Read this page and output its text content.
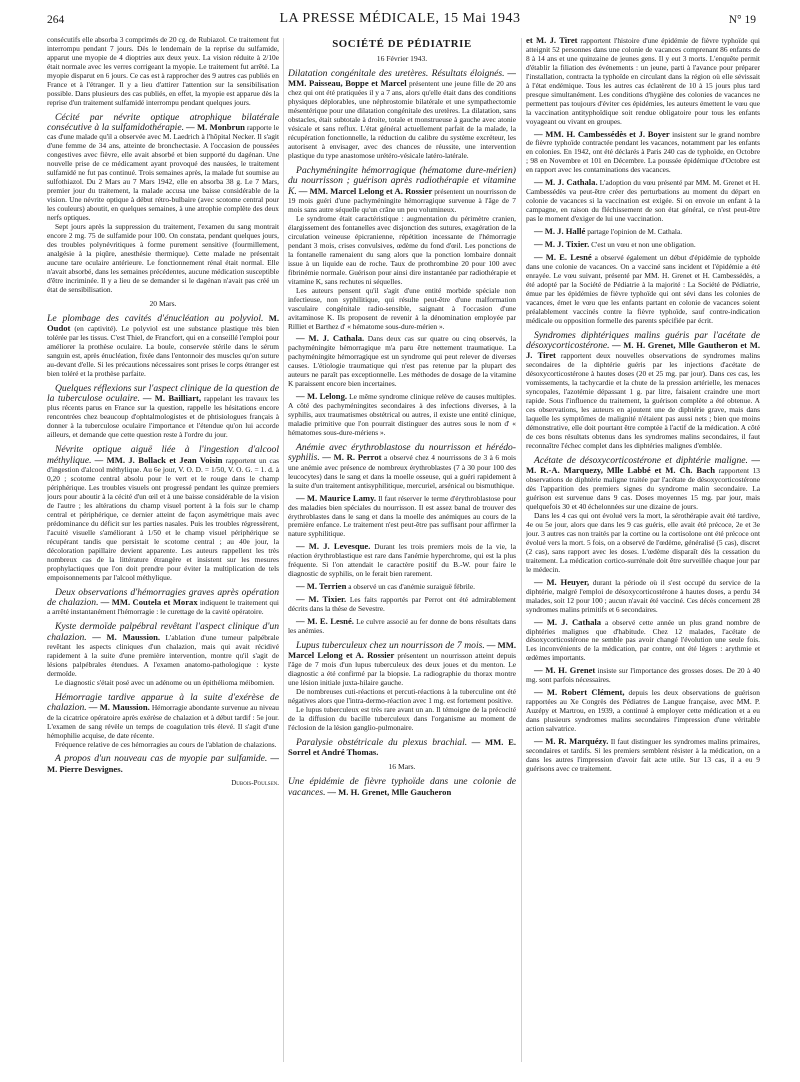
264	LA PRESSE MÉDICALE, 15 Mai 1943	N° 19

consécutifs elle absorba 3 comprimés de 20 cg. de Rubiazol. Ce traitement fut interrompu pendant 7 jours. Dès le lendemain de la reprise du sulfamide, apparut une myopie de 4 dioptries aux deux yeux. La vision réduite à 2/10e était normale avec les verres corrigeant la myopie. Le traitement fut arrêté. La myopie disparut en 6 jours. Ce cas est à rapprocher des 9 autres cas publiés en France et à l'étranger. Il y a lieu d'attirer l'attention sur la sensibilisation possible. Dans plusieurs des cas publiés, en effet, la myopie est apparue dès la reprise d'un traitement sulfamidé interrompu pendant quelques jours.

Cécité par névrite optique atrophique bilatérale consécutive à la sulfamidothérapie. — M. Monbrun rapporte le cas d'une malade qu'il a observée avec M. Laedrich à l'hôpital Necker. Il s'agit d'une femme de 34 ans, atteinte de bronchectasie. A l'occasion de poussées congestives avec fièvre, elle avait absorbé et bien supporté du dagénan. Une nouvelle prise de ce médicament ayant provoqué des nausées, le traitement sulfamidé ne fut pas continué. Trois semaines après, la malade fut soumise au sulfothiazol. Du 2 Mars au 7 Mars 1942, elle en absorba 38 g. Le 7 Mars, premier jour du traitement, la malade accusa une baisse considérable de la vision. Une névrite optique à début rétro-bulbaire (avec scotome central pour les couleurs) aboutit, en quelques semaines, à une atrophie complète des deux nerfs optiques.

Sept jours après la suppression du traitement, l'examen du sang montrait encore 2 mg. 75 de sulfamide pour 100. On constata, pendant quelques jours, des troubles polynévritiques à forme purement sensitive (fourmillement, analgésie à la piqûre, anesthésie thermique). Cette malade ne présentait aucune tare oculaire antérieure. Le fonctionnement rénal était normal. Elle n'avait absorbé, dans les semaines précédentes, aucune médication susceptible d'être incriminée. Il y a lieu de se demander si le dagénan n'avait pas créé un état de sensibilisation.

20 Mars.

Le plombage des cavités d'énucléation au polyviol. M. Oudot (en captivité). Le polyviol est une substance plastique très bien tolérée par les tissus. C'est Thiel, de Francfort, qui en a conseillé l'emploi pour améliorer la prothèse oculaire. La boule, conservée stérile dans le sérum sanguin est, après énucléation, fixée dans l'entonnoir des muscles qu'on suture au-devant d'elle. Si les précautions nécessaires sont prises le corps étranger est bien toléré et la prothèse parfaite.

Quelques réflexions sur l'aspect clinique de la question de la tuberculose oculaire. — M. Bailliart, rappelant les travaux les plus récents parus en France sur la question, rappelle les hésitations encore rencontrées chez beaucoup d'ophtalmologistes et de phtisiologues français à donner à la tuberculose oculaire l'importance et l'étendue qu'on lui accorde ailleurs, et demande que cette question reste à l'ordre du jour.

Névrite optique aiguë liée à l'ingestion d'alcool méthylique. — MM. J. Bollack et Jean Voisin rapportent un cas d'ingestion d'alcool méthylique. Au 6e jour, V. O. D. = 1/50, V. O. G. = 1. d. à 0,20 ; scotome central absolu pour le vert et le rouge dans le champ périphérique. Les troubles visuels ont progressé pendant les quinze premiers jours pour aboutir à la cécité d'un œil et à une baisse considérable de la vision de l'autre ; les altérations du champ visuel portent à la fois sur le champ central et périphérique, ce dernier atteint de façon asymétrique mais avec prédominance du déficit sur les parties nasales. Puis les troubles régressèrent, l'acuité visuelle s'améliorant à 1/50 et le champ visuel périphérique se récupérant tandis que persistait le scotome central ; au 40e jour, la décoloration papillaire devient apparente. Les auteurs rappellent les très nombreux cas de la littérature étrangère et insistent sur les mesures prophylactiques que l'on doit prendre pour éviter la multiplication de tels empoisonnements par l'alcool méthylique.

Deux observations d'hémorragies graves après opération de chalazion. — MM. Coutela et Morax indiquent le traitement qui a arrêté instantanément l'hémorragie : le curettage de la cavité opératoire.

Kyste dermoïde palpébral revêtant l'aspect clinique d'un chalazion. — M. Maussion. L'ablation d'une tumeur palpébrale revêtant les aspects cliniques d'un chalazion, mais qui avait récidivé rapidement à la suite d'une première intervention, montre qu'il s'agit de lésions palpébrales étendues. A l'examen anatomo-pathologique : kyste dermoïde.

Le diagnostic s'était posé avec un adénome ou un épithélioma méibomien.

Hémorragie tardive apparue à la suite d'exérèse de chalazion. — M. Maussion. Hémorragie abondante survenue au niveau de la cicatrice opératoire après exérèse de chalazion et à début tardif : 5e jour. L'examen de sang révèle un temps de coagulation très élevé. Il s'agit d'une hémophilie acquise, de date récente.

Fréquence relative de ces hémorragies au cours de l'ablation de chalazions.

A propos d'un nouveau cas de myopie par sulfamide. — M. Pierre Desvignes.

Dubois-Poulsen.

SOCIÉTÉ DE PÉDIATRIE

16 Février 1943.

Dilatation congénitale des uretères. Résultats éloignés. — MM. Paisseau, Boppe et Marcel présentent une jeune fille de 20 ans chez qui ont été pratiquées il y a 7 ans, alors qu'elle était dans des conditions physiques déplorables, une néphrostomie bilatérale et une sympathectomie mésentérique pour une dilatation congénitale des uretères. La dilatation, sans obstacles, était subtotale à droite, totale et monstrueuse à gauche avec atonie vésicale et sans reflux. L'état général actuellement parfait de la malade, la récupération fonctionnelle, la réduction du calibre du système excréteur, les autorisent à envisager, avec des chances de réussite, une intervention plastique du type anastomose urétéro-vésicale latéro-latérale.

Pachyméningite hémorragique (hématome dure-mérien) du nourrisson ; guérison après radiothérapie et vitamine K. — MM. Marcel Lelong et A. Rossier présentent un nourrisson de 19 mois guéri d'une pachyméningite hémorragique survenue à l'âge de 7 mois sans autre séquelle qu'un crâne un peu volumineux.

Le syndrome était caractéristique : augmentation du périmètre cranien, élargissement des fontanelles avec disjonction des sutures, exagération de la circulation veineuse épicranienne, répétition incessante de l'hémorragie pendant 3 mois, crises convulsives, œdème du fond d'œil. Les ponctions de la fontanelle ramenaient du sang alors que la ponction lombaire donnait issue à un liquide eau de roche. Taux de prothrombine 20 pour 100 avec fibrinémie normale. Guérison pour ainsi dire instantanée par radiothérapie et vitamine K, sans rechutes ni séquelles.

Les auteurs pensent qu'il s'agit d'une entité morbide spéciale non infectieuse, non syphilitique, qui résulte peut-être d'une malformation vasculaire congénitale radio-sensible, saignant à l'occasion d'une avitaminose K. Ils proposent de revenir à la dénomination employée par Rilliet et Barthez d' « hématome sous-dure-mérien ».

— M. J. Cathala. Dans deux cas sur quatre ou cinq observés, la pachyméningite hémorragique m'a paru être nettement traumatique. La pachyméningite hémorragique est un syndrome qui peut relever de diverses causes. L'étiologie traumatique qui n'est pas retenue par la plupart des auteurs ne paraît pas exceptionnelle. Les méthodes de dosage de la vitamine K paraissent encore bien incertaines.

— M. Lelong. Le même syndrome clinique relève de causes multiples. A côté des pachyméningites secondaires à des infections diverses, à la syphilis, aux traumatismes obstétrical ou autres, il existe une entité clinique, maladie primitive que l'on pourrait distinguer des autres sous le nom d' « hématomes sous-dure-mériens ».

Anémie avec érythroblastose du nourrisson et hérédo-syphilis. — M. R. Perrot a observé chez 4 nourrissons de 3 à 6 mois une anémie avec présence de nombreux érythroblastes (7 à 30 pour 100 des leucocytes) dans le sang et dans la moelle osseuse, qui a guéri rapidement à la suite d'un traitement antisyphilitique, mercuriel, arsénical ou bismuthique.

— M. Maurice Lamy. Il faut réserver le terme d'érythroblastose pour des maladies bien spéciales du nourrisson. Il est assez banal de trouver des érythroblastes dans le sang et dans la moelle des anémiques au cours de la première enfance. Le traitement n'est peut-être pas suffisant pour affirmer la nature syphilitique.

— M. J. Levesque. Durant les trois premiers mois de la vie, la réaction érythroblastique est rare dans l'anémie hyperchrome, qui est la plus fréquente. Si l'on attendait le caractère positif du B.-W. pour faire le diagnostic de syphilis, on le ferait bien rarement.

— M. Terrien a observé un cas d'anémie suraiguë fébrile.

— M. Tixier. Les faits rapportés par Perrot ont été admirablement décrits dans la thèse de Sevestre.

— M. E. Lesné. Le culvre associé au fer donne de bons résultats dans les anémies.

Lupus tuberculeux chez un nourrisson de 7 mois. — MM. Marcel Lelong et A. Rossier présentent un nourrisson atteint depuis l'âge de 7 mois d'un lupus tuberculeux des deux joues et du menton. Le diagnostic a été confirmé par la biopsie. La radiographie du thorax montre une lésion initiale juxta-hilaire gauche.

De nombreuses cuti-réactions et percuti-réactions à la tuberculine ont été négatives alors que l'intra-dermo-réaction avec 1 mg. est fortement positive.

Le lupus tuberculeux est très rare avant un an. Il témoigne de la précocité de la diffusion du bacille tuberculeux dans l'organisme au moment de l'éclosion de la lésion ganglio-pulmonaire.

Paralysie obstétricale du plexus brachial. — MM. E. Sorrel et André Thomas.

16 Mars.

Une épidémie de fièvre typhoïde dans une colonie de vacances. — M. H. Grenet, Mlle Gaucheron

et M. J. Tiret rapportent l'histoire d'une épidémie de fièvre typhoïde qui atteignit 52 personnes dans une colonie de vacances comprenant 86 enfants de 8 à 14 ans et une quinzaine de jeunes gens. Il y eut 3 morts. L'enquête permit d'établir la filiation des événements : un jeune, parti à l'avance pour préparer l'installation, contracta la typhoïde en circulant dans la région où elle sévissait à l'état endémique. Tous les autres cas éclatèrent de 10 à 15 jours plus tard presque simultanément. Les conditions d'hygiène des colonies de vacances ne permettent pas toujours d'éviter ces épidémies, les auteurs émettent le vœu que la vaccination antityphoïdique soit rendue obligatoire pour tous les enfants voyageant ou vivant en groupes.

— MM. H. Cambessédès et J. Boyer insistent sur le grand nombre de fièvre typhoïde contractée pendant les vacances, notamment par les enfants en colonies. En 1942, ont été déclarés à Paris 240 cas de typhoïde, en Octobre ; 98 en Novembre et 101 en Décembre. La poussée épidémique d'Octobre est en rapport avec les contaminations des vacances.

— M. J. Cathala. L'adoption du vœu présenté par MM. M. Grenet et H. Cambessédès va peut-être créer des perturbations au moment du départ en colonie de vacances si la vaccination est exigée. Si on envoie un enfant à la campagne, en raison du fléchissement de son état général, ce n'est peut-être pas le moment d'exiger de lui une vaccination.

— M. J. Hallé partage l'opinion de M. Cathala.

— M. J. Tixier. C'est un vœu et non une obligation.

— M. E. Lesné a observé également un début d'épidémie de typhoïde dans une colonie de vacances. On a vacciné sans incident et l'épidémie a été enrayée. Le vœu suivant, présenté par MM. H. Grenet et H. Cambessédès, a été adopté par la Société de Pédiatrie à la majorité : La Société de Pédiatrie, émue par les épidémies de fièvre typhoïde qui ont sévi dans les colonies de vacances, émet le vœu que les enfants partant en colonie de vacances soient préalablement vaccinés contre la fièvre typhoïde, sauf contre-indication médicale ou opposition formelle des parents spécifiée par écrit.

Syndromes diphtériques malins guéris par l'acétate de désoxycorticostérone. — M. H. Grenet, Mlle Gautheron et M. J. Tiret rapportent deux nouvelles observations de syndromes malins secondaires de la diphtérie guéris par les injections d'acétate de désoxycorticostérone à hautes doses (20 et 25 mg. par jour). Dans ces cas, les vomissements, la tachycardie et la chute de la pression artérielle, les menaces syncopales, l'azotémie dépassant 1 g. par litre, faisaient craindre une mort rapide. Sous l'influence du traitement, la guérison complète a été obtenue. A ces observations, les auteurs en ajoutent une de diphtérie grave, mais dans laquelle les symptômes de malignité n'étaient pas aussi nets ; bien que moins démonstrative, elle doit pourtant être comptée à l'actif de la médication. A côté de ces bons résultats obtenus dans les syndromes malins secondaires, il faut reconnaître l'échec complet dans les diphtéries malignes d'emblée.

Acétate de désoxycorticostérone et diphtérie maligne. — M. R.-A. Marquezy, Mlle Labbé et M. Ch. Bach rapportent 13 observations de diphtérie maligne traitée par l'acétate de désoxycorticostérone dès l'apparition des premiers signes du syndrome malin secondaire. La guérison est survenue dans 9 cas. Doses moyennes 15 mg. par jour, mais quelquefois 30 et 40 échelonnées sur une dizaine de jours.

Dans les 4 cas qui ont évolué vers la mort, la sérothérapie avait été tardive, 4e ou 5e jour, alors que dans les 9 cas guéris, elle avait été précoce, 2e et 3e jour. 3 autres cas non traités par la cortine ou la cortisolone ont été précoce ont évolué vers la mort. 5 fois, on a observé de l'œdème, généralisé (5 cas), discret (2 cas), sans rapport avec les doses. L'œdème disparaît dès la cessation du traitement. La médication cortico-surrénale doit être surveillée chaque jour par le médecin.

— M. Heuyer, durant la période où il s'est occupé du service de la diphtérie, malgré l'emploi de désoxycorticostérone à hautes doses, a perdu 34 malades, soit 12 pour 100 ; aucun n'avait été vacciné. Ces décès concernent 28 syndromes malins primitifs et 6 secondaires.

— M. J. Cathala a observé cette année un plus grand nombre de diphtéries malignes que d'habitude. Chez 12 malades, l'acétate de désoxycorticostérone ne semble pas avoir changé l'évolution une seule fois. Les inconvénients de la médication, par contre, ont été légers : arythmie et œdèmes importants.

— M. H. Grenet insiste sur l'importance des grosses doses. De 20 à 40 mg. sont parfois nécessaires.

— M. Robert Clément, depuis les deux observations de guérison rapportées au Xe Congrès des Pédiatres de Langue française, avec MM. P. Auzépy et Martrou, en 1939, a continué à employer cette médication et a eu dans plusieurs syndromes malins secondaires l'impression d'une véritable action salvatrice.

— M. R. Marquézy. Il faut distinguer les syndromes malins primaires, secondaires et tardifs. Si les premiers semblent résister à la médication, on a dans les autres l'impression d'avoir fait acte utile. Sur 13 cas, il a eu 9 guérisons avec ce traitement.
